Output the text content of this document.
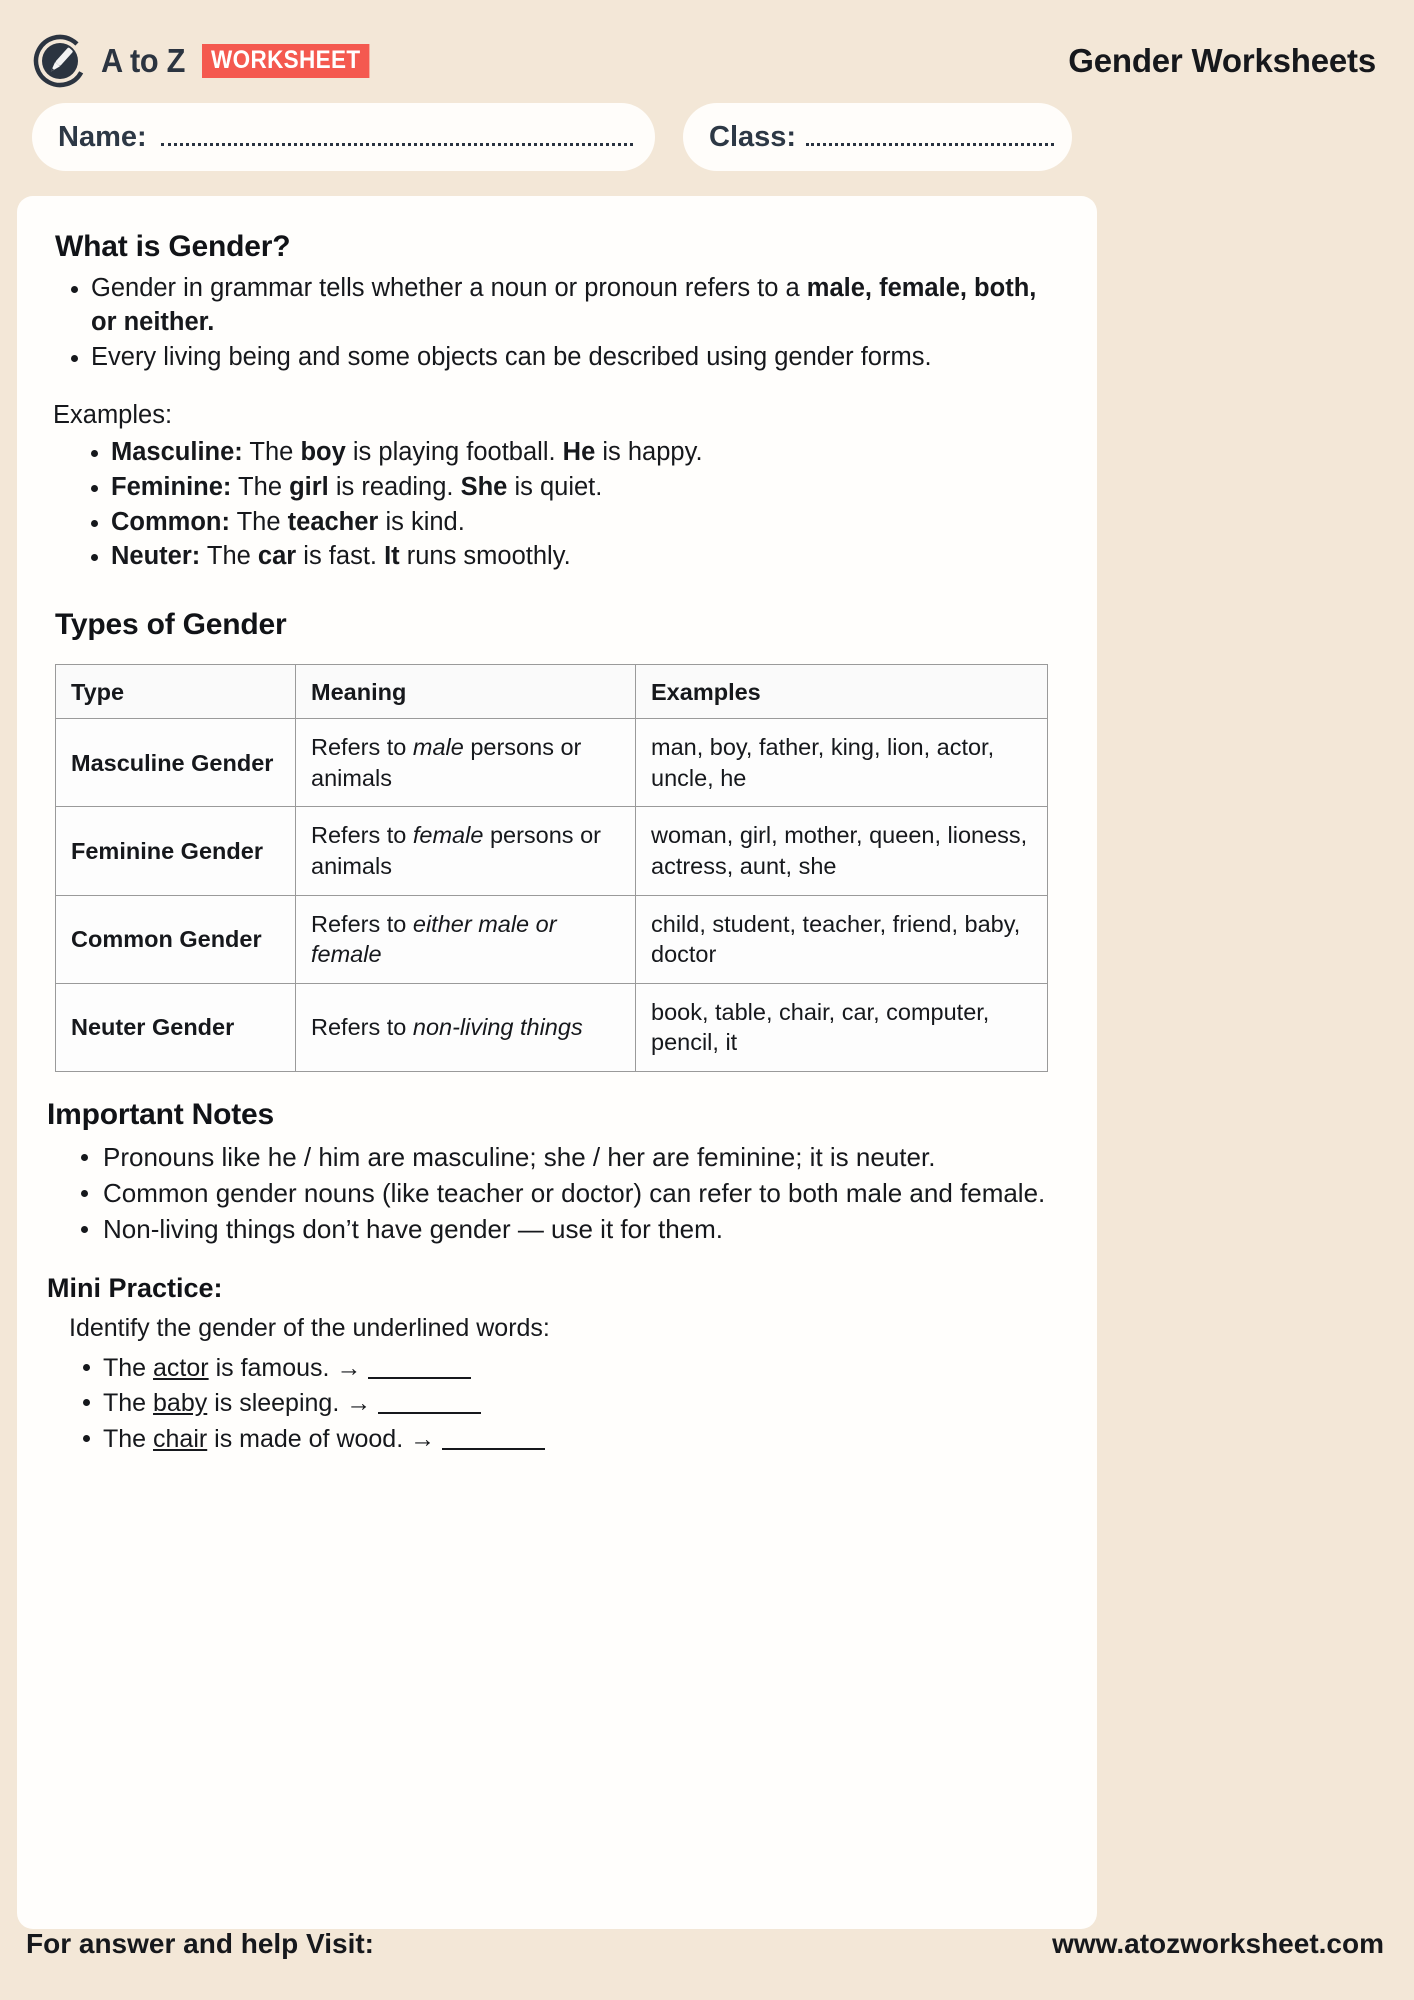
A to Z	WORKSHEET	Gender Worksheets
Name:	Class:
What is Gender?
Gender in grammar tells whether a noun or pronoun refers to a male, female, both, or neither.
Every living being and some objects can be described using gender forms.
Examples:
Masculine: The boy is playing football. He is happy.
Feminine: The girl is reading. She is quiet.
Common: The teacher is kind.
Neuter: The car is fast. It runs smoothly.
Types of Gender
Type	Meaning	Examples
Masculine Gender	Refers to male persons or animals	man, boy, father, king, lion, actor, uncle, he
Feminine Gender	Refers to female persons or animals	woman, girl, mother, queen, lioness, actress, aunt, she
Common Gender	Refers to either male or female	child, student, teacher, friend, baby, doctor
Neuter Gender	Refers to non-living things	book, table, chair, car, computer, pencil, it
Important Notes
Pronouns like he / him are masculine; she / her are feminine; it is neuter.
Common gender nouns (like teacher or doctor) can refer to both male and female.
Non-living things don’t have gender — use it for them.
Mini Practice:
Identify the gender of the underlined words:
The actor is famous. →
The baby is sleeping. →
The chair is made of wood. →
For answer and help Visit:	www.atozworksheet.com
